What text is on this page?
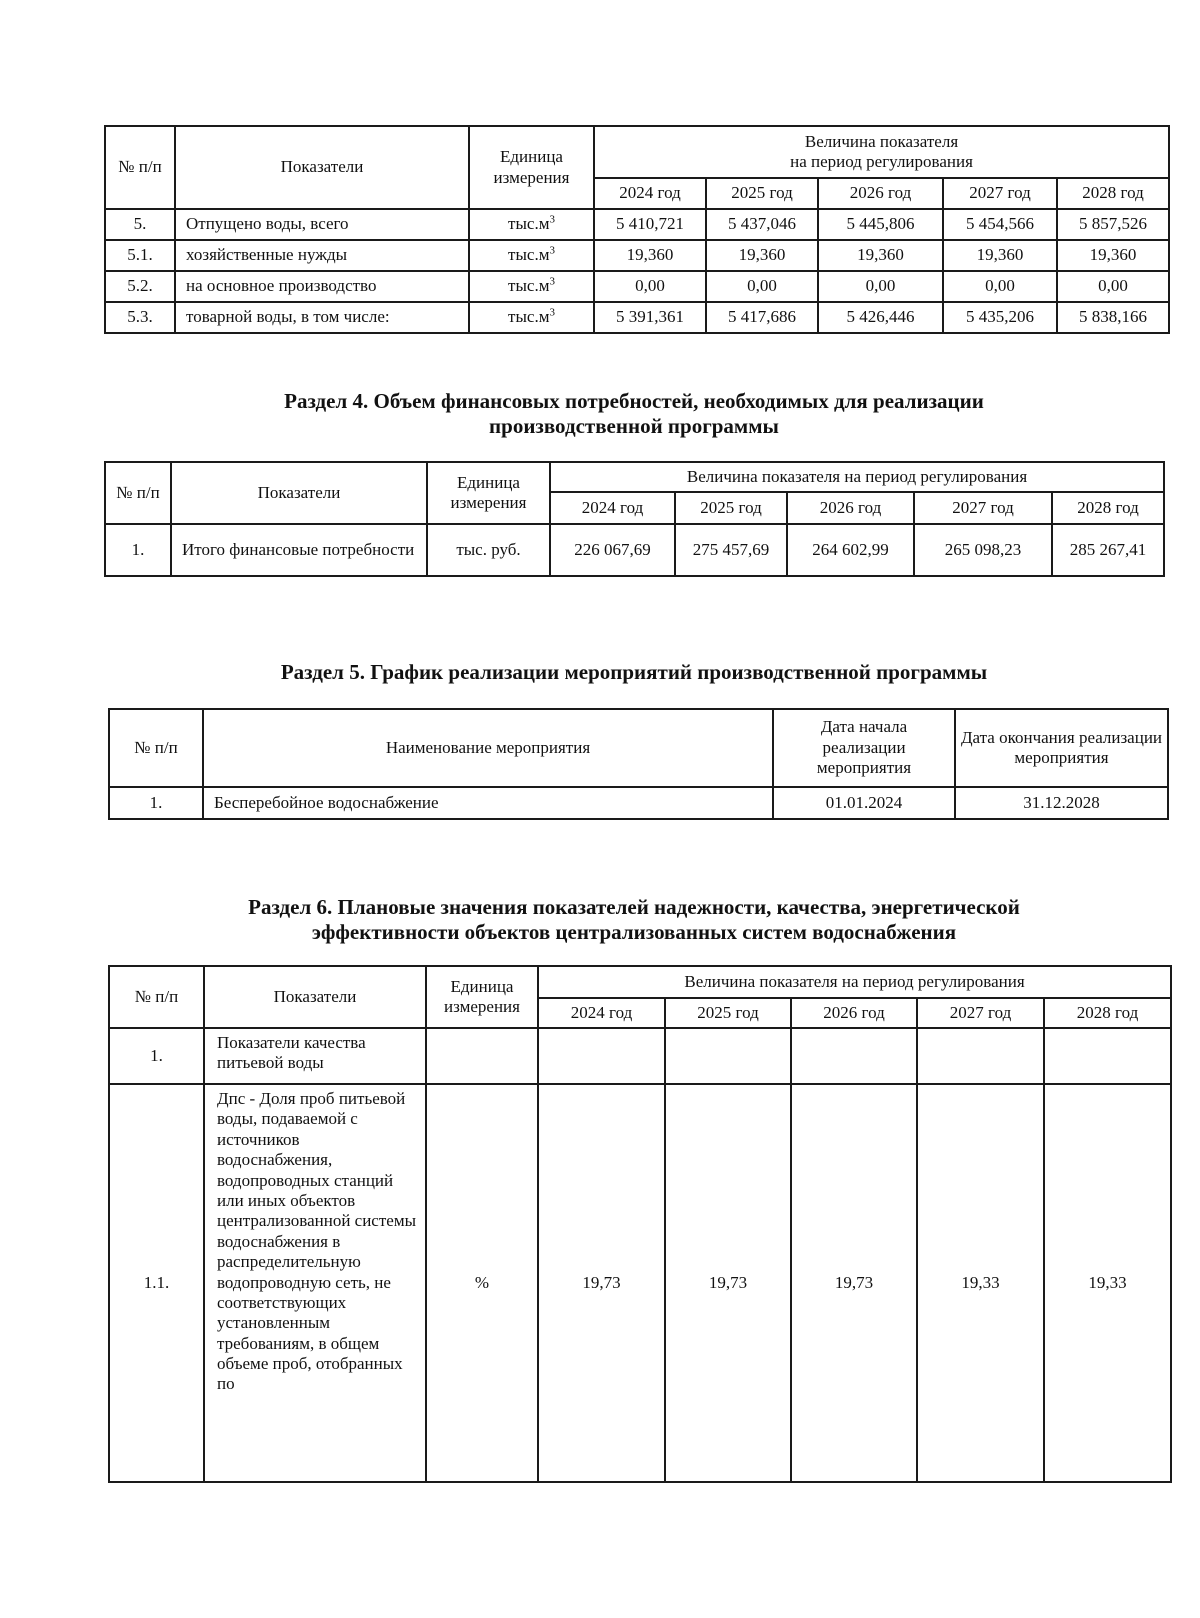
№ п/п	Показатели	Единица измерения	Величина показателя
на период регулирования				

			2024 год	2025 год	2026 год	2027 год	2028 год
5.	Отпущено воды, всего	$тыс.м^3$	5 410,721	5 437,046	5 445,806	5 454,566	5 857,526
5.1.	хозяйственные нужды	$тыс.м^3$	19,360	19,360	19,360	19,360	19,360
5.2.	на основное производство	$тыс.м^3$	0,00	0,00	0,00	0,00	0,00
5.3.	товарной воды, в том числе:	$тыс.м^3$	5 391,361	5 417,686	5 426,446	5 435,206	5 838,166
Раздел 4. Объем финансовых потребностей, необходимых для реализации
производственной программы
№ п/п	Показатели	Единица измерения	Величина показателя на период регулирования				
			2024 год	2025 год	2026 год	2027 год	2028 год
1.	Итого финансовые потребности	тыс. руб.	226 067,69	275 457,69	264 602,99	265 098,23	285 267,41
Раздел 5. График реализации мероприятий производственной программы
№ п/п	Наименование мероприятия	Дата начала реализации мероприятия	Дата окончания реализации мероприятия
1.	Бесперебойное водоснабжение	01.01.2024	31.12.2028
Раздел 6. Плановые значения показателей надежности, качества, энергетической
эффективности объектов централизованных систем водоснабжения
№ п/п	Показатели	Единица измерения	Величина показателя на период регулирования				
			2024 год	2025 год	2026 год	2027 год	2028 год
1.	Показатели качества питьевой воды						
1.1.	Дпс - Доля проб питьевой воды, подаваемой с источников водоснабжения, водопроводных станций или иных объектов централизованной системы водоснабжения в распределительную водопроводную сеть, не соответствующих установленным требованиям, в общем объеме проб, отобранных по	%	19,73	19,73	19,73	19,33	19,33
